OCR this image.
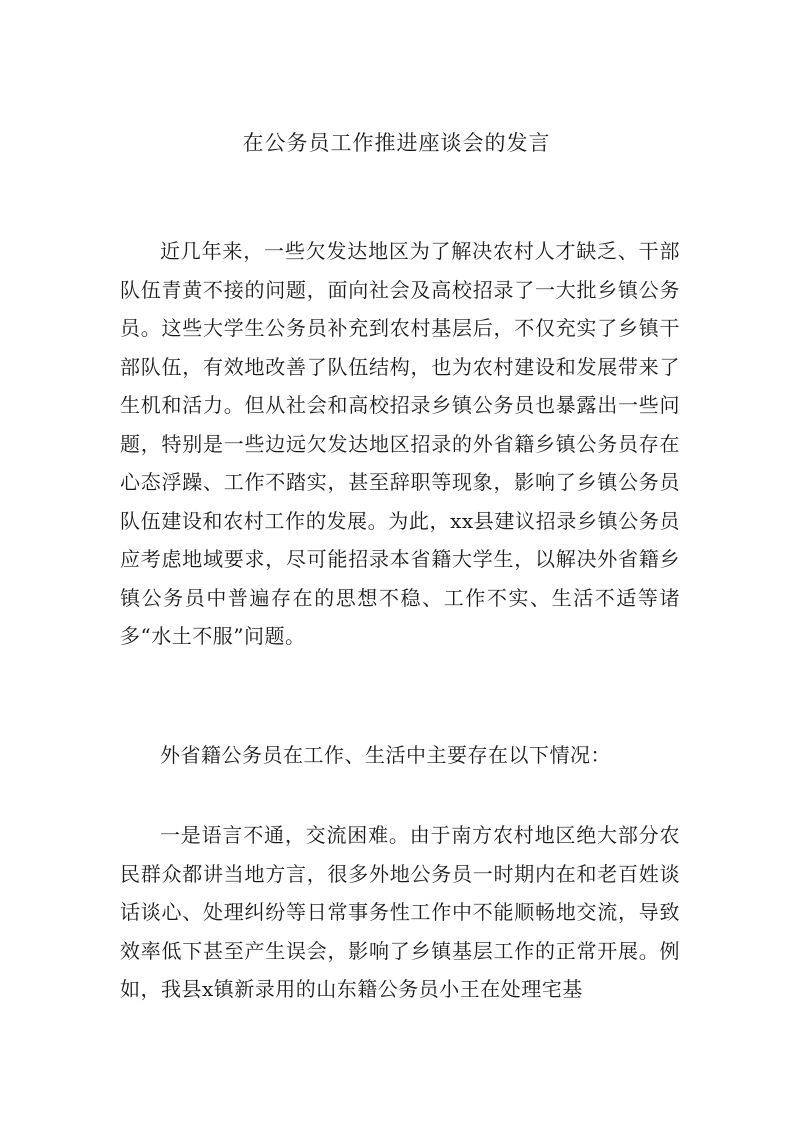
在公务员工作推进座谈会的发言

近几年来，一些欠发达地区为了解决农村人才缺乏、干部队伍青黄不接的问题，面向社会及高校招录了一大批乡镇公务员。这些大学生公务员补充到农村基层后，不仅充实了乡镇干部队伍，有效地改善了队伍结构，也为农村建设和发展带来了生机和活力。但从社会和高校招录乡镇公务员也暴露出一些问题，特别是一些边远欠发达地区招录的外省籍乡镇公务员存在心态浮躁、工作不踏实，甚至辞职等现象，影响了乡镇公务员队伍建设和农村工作的发展。为此，xx县建议招录乡镇公务员应考虑地域要求，尽可能招录本省籍大学生，以解决外省籍乡镇公务员中普遍存在的思想不稳、工作不实、生活不适等诸多“水土不服”问题。

外省籍公务员在工作、生活中主要存在以下情况：

一是语言不通，交流困难。由于南方农村地区绝大部分农民群众都讲当地方言，很多外地公务员一时期内在和老百姓谈话谈心、处理纠纷等日常事务性工作中不能顺畅地交流，导致效率低下甚至产生误会，影响了乡镇基层工作的正常开展。例如，我县x镇新录用的山东籍公务员小王在处理宅基
